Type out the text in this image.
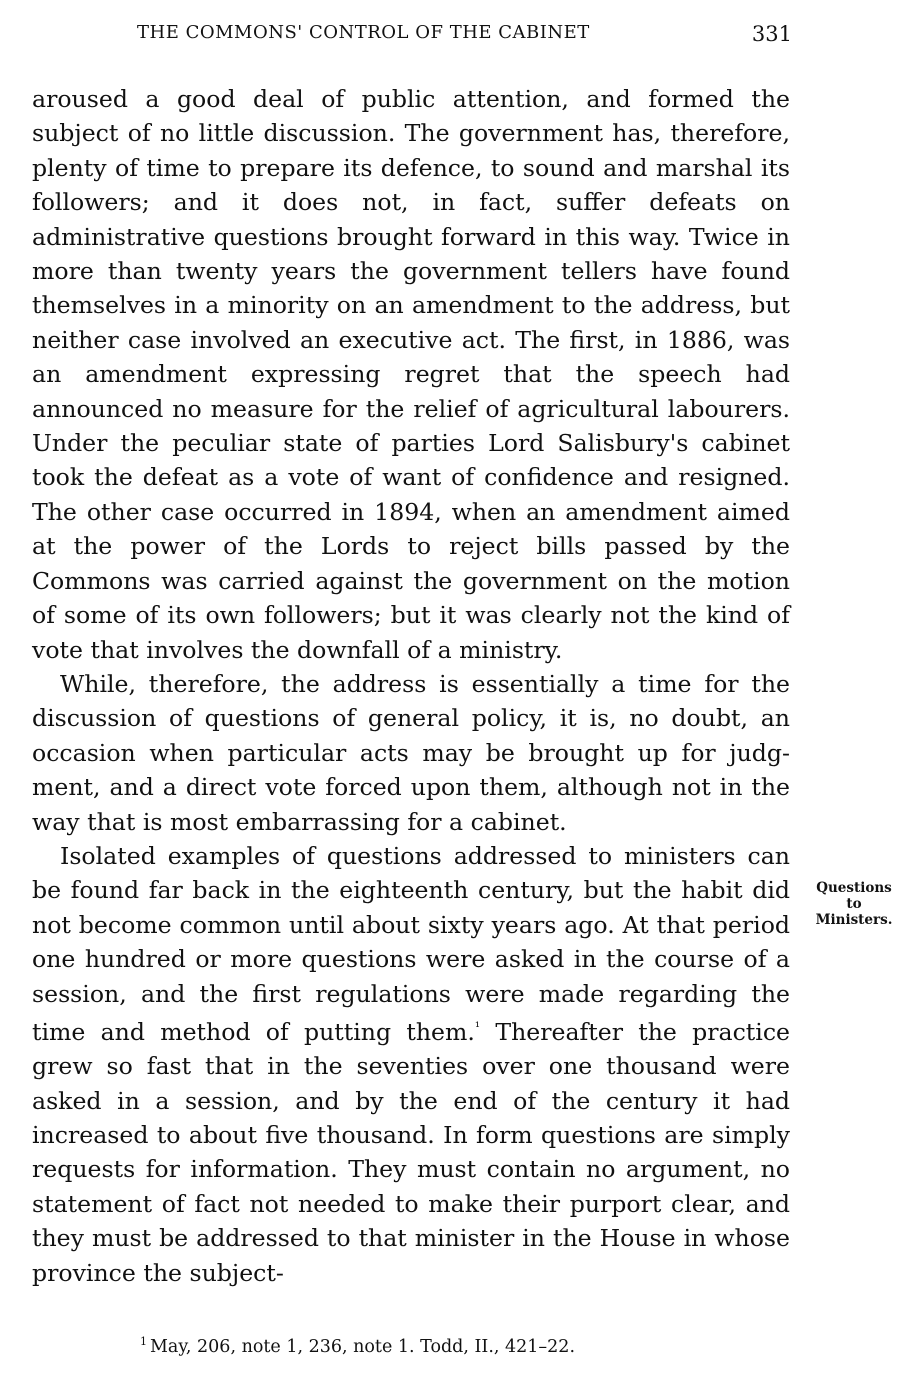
THE COMMONS' CONTROL OF THE CABINET	331

aroused a good deal of public attention, and formed the subject of no little discussion. The government has, therefore, plenty of time to prepare its defence, to sound and marshal its followers; and it does not, in fact, suffer defeats on administrative questions brought forward in this way. Twice in more than twenty years the government tellers have found themselves in a minority on an amendment to the address, but neither case involved an executive act. The first, in 1886, was an amendment expressing regret that the speech had announced no measure for the relief of agricultural labourers. Under the peculiar state of parties Lord Salisbury's cabinet took the defeat as a vote of want of confidence and resigned. The other case occurred in 1894, when an amendment aimed at the power of the Lords to reject bills passed by the Commons was carried against the government on the motion of some of its own followers; but it was clearly not the kind of vote that involves the downfall of a ministry.

While, therefore, the address is essentially a time for the discussion of questions of general policy, it is, no doubt, an occasion when particular acts may be brought up for judgment, and a direct vote forced upon them, although not in the way that is most embarrassing for a cabinet.

Isolated examples of questions addressed to ministers can be found far back in the eighteenth century, but the habit did not become common until about sixty years ago. At that period one hundred or more questions were asked in the course of a session, and the first regulations were made regarding the time and method of putting them.$^{^1}$ Thereafter the practice grew so fast that in the seventies over one thousand were asked in a session, and by the end of the century it had increased to about five thousand. In form questions are simply requests for information. They must contain no argument, no statement of fact not needed to make their purport clear, and they must be addressed to that minister in the House in whose province the subject-

Questions
to
Ministers.
$^1$ May, 206, note 1, 236, note 1. Todd, II., 421–22.
